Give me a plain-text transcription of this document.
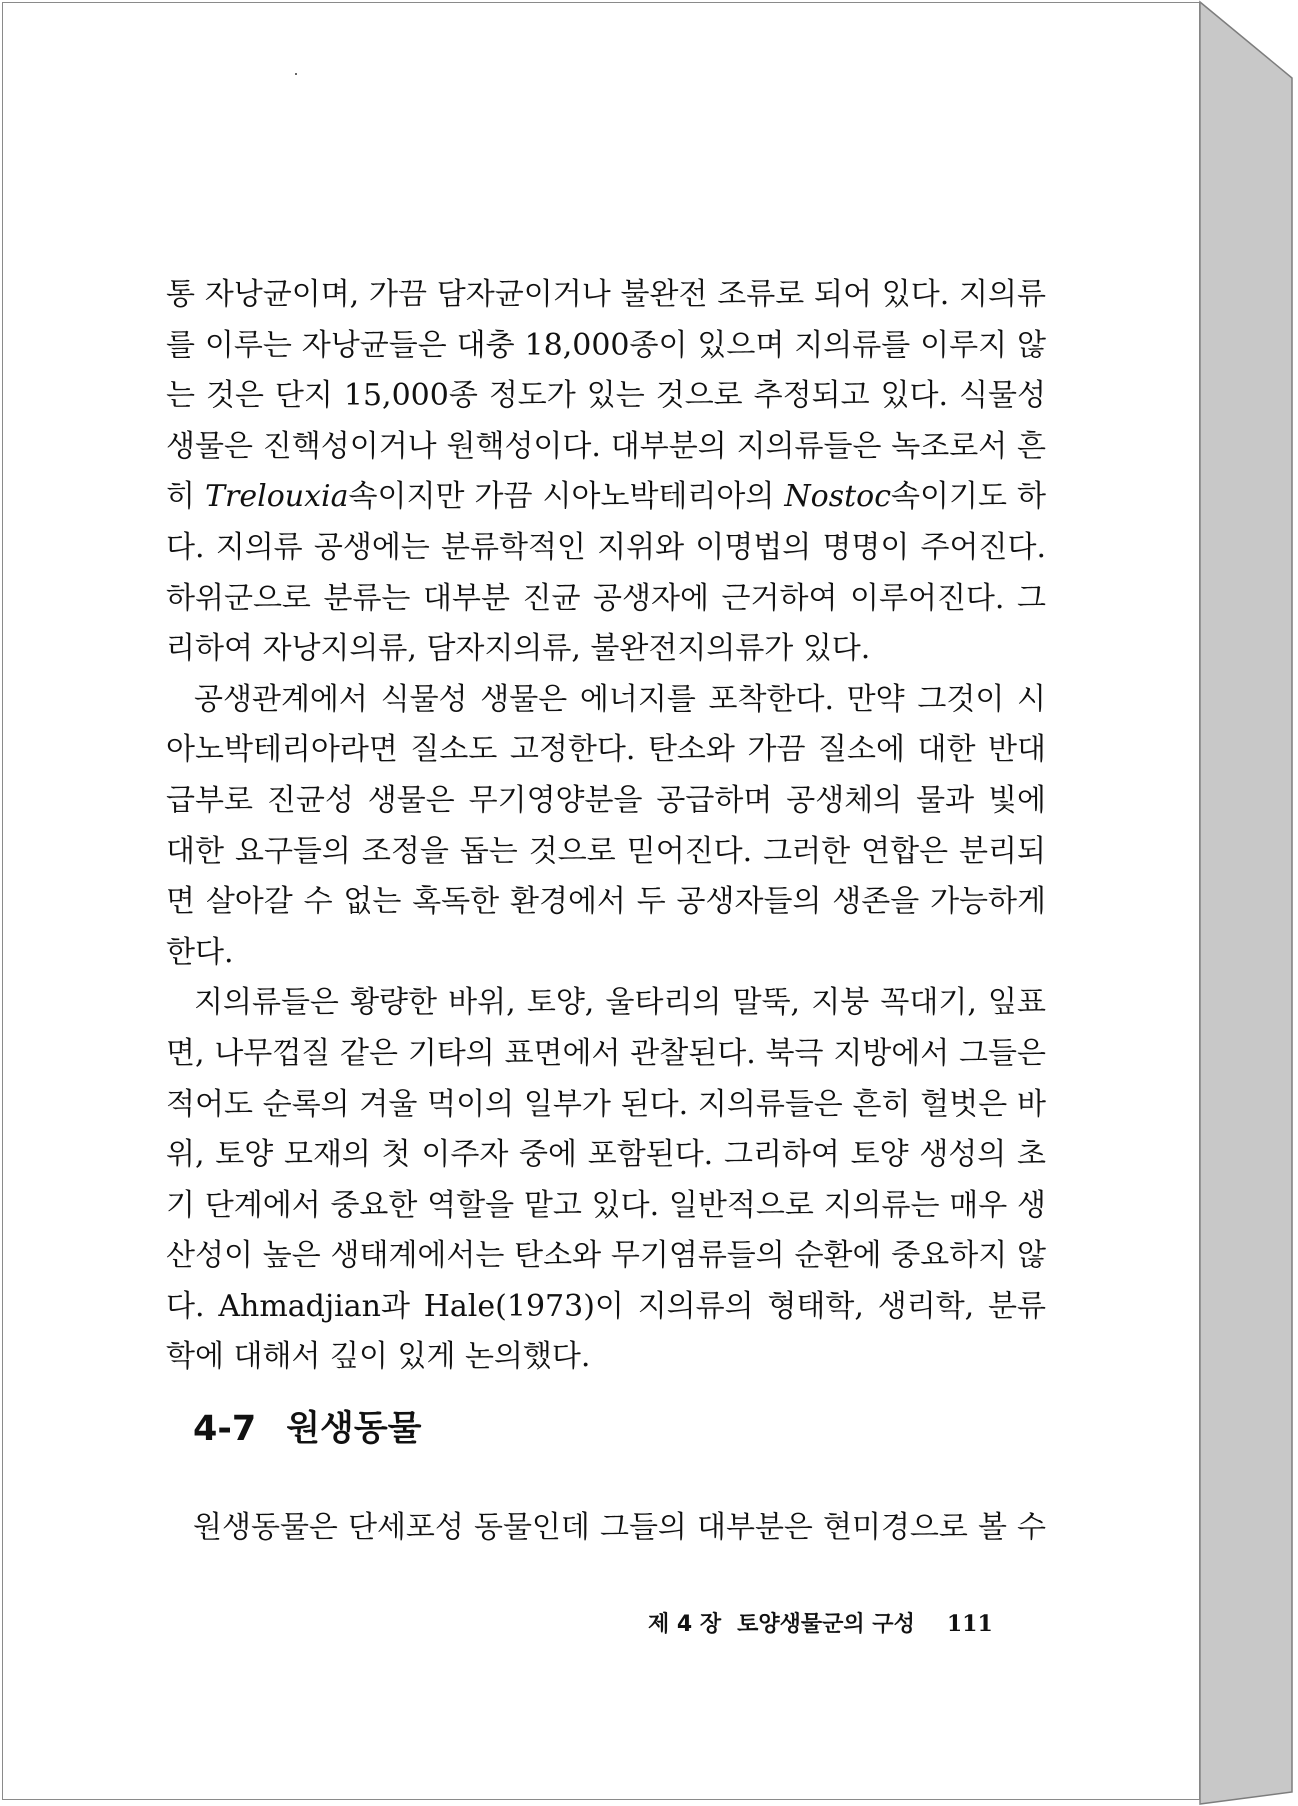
통 자낭균이며, 가끔 담자균이거나 불완전 조류로 되어 있다. 지의류를 이루는 자낭균들은 대충 18,000종이 있으며 지의류를 이루지 않는 것은 단지 15,000종 정도가 있는 것으로 추정되고 있다. 식물성 생물은 진핵성이거나 원핵성이다. 대부분의 지의류들은 녹조로서 흔히 Trelouxia속이지만 가끔 시아노박테리아의 Nostoc속이기도 하다. 지의류 공생에는 분류학적인 지위와 이명법의 명명이 주어진다. 하위군으로 분류는 대부분 진균 공생자에 근거하여 이루어진다. 그리하여 자낭지의류, 담자지의류, 불완전지의류가 있다.

공생관계에서 식물성 생물은 에너지를 포착한다. 만약 그것이 시아노박테리아라면 질소도 고정한다. 탄소와 가끔 질소에 대한 반대급부로 진균성 생물은 무기영양분을 공급하며 공생체의 물과 빛에 대한 요구들의 조정을 돕는 것으로 믿어진다. 그러한 연합은 분리되면 살아갈 수 없는 혹독한 환경에서 두 공생자들의 생존을 가능하게 한다.

지의류들은 황량한 바위, 토양, 울타리의 말뚝, 지붕 꼭대기, 잎표면, 나무껍질 같은 기타의 표면에서 관찰된다. 북극 지방에서 그들은 적어도 순록의 겨울 먹이의 일부가 된다. 지의류들은 흔히 헐벗은 바위, 토양 모재의 첫 이주자 중에 포함된다. 그리하여 토양 생성의 초기 단계에서 중요한 역할을 맡고 있다. 일반적으로 지의류는 매우 생산성이 높은 생태계에서는 탄소와 무기염류들의 순환에 중요하지 않다. Ahmadjian과 Hale(1973)이 지의류의 형태학, 생리학, 분류학에 대해서 깊이 있게 논의했다.

4-7 원생동물
원생동물은 단세포성 동물인데 그들의 대부분은 현미경으로 볼 수
제 4 장 토양생물군의 구성 111
